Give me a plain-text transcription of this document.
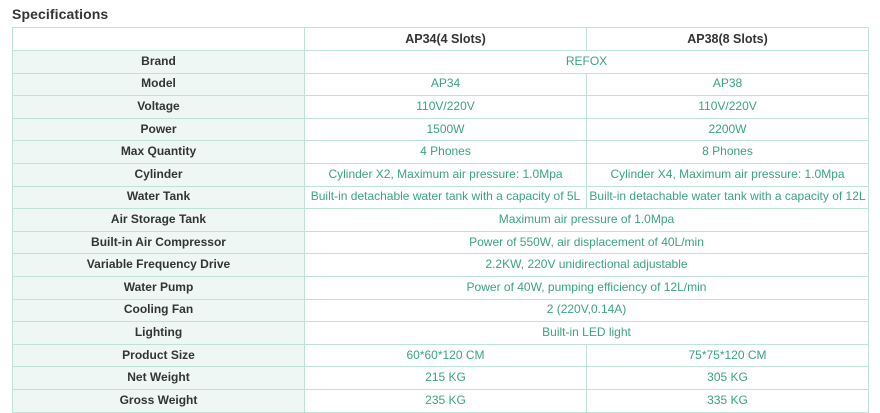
Specifications
	AP34(4 Slots)	AP38(8 Slots)
Brand	REFOX	
Model	AP34	AP38
Voltage	110V/220V	110V/220V
Power	1500W	2200W
Max Quantity	4 Phones	8 Phones
Cylinder	Cylinder X2, Maximum air pressure: 1.0Mpa	Cylinder X4, Maximum air pressure: 1.0Mpa
Water Tank	Built-in detachable water tank with a capacity of 5L	Built-in detachable water tank with a capacity of 12L
Air Storage Tank	Maximum air pressure of 1.0Mpa	
Built-in Air Compressor	Power of 550W, air displacement of 40L/min	
Variable Frequency Drive	2.2KW, 220V unidirectional adjustable	
Water Pump	Power of 40W, pumping efficiency of 12L/min	
Cooling Fan	2 (220V,0.14A)	
Lighting	Built-in LED light	
Product Size	60*60*120 CM	75*75*120 CM
Net Weight	215 KG	305 KG
Gross Weight	235 KG	335 KG
